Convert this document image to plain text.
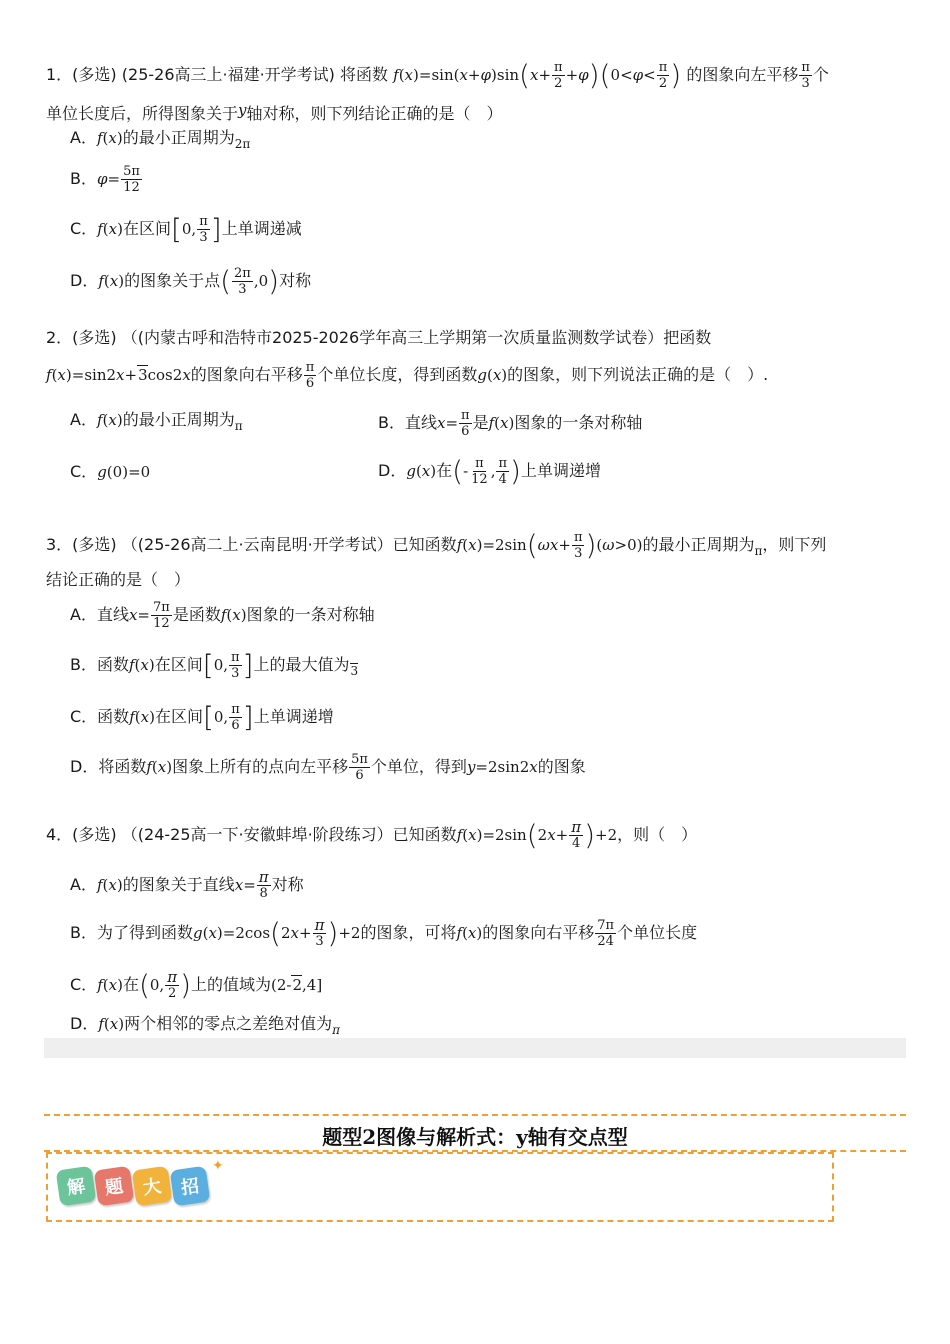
1．(多选) (25-26高三上·福建·开学考试) 将函数 $f(x)=\sin(x+\varphi)\sin(x+ \frac{\pi}{2} +\varphi)(0<\varphi< \frac{\pi}{2}$ ) 的图象向左平移 $\frac{\pi}{3}$ 个
单位长度后，所得图象关于y轴对称，则下列结论正确的是（　）
A．f(x)的最小正周期为$_{2\pi}$
B．$\varphi= \frac{5\pi}{12}$
C．f(x)在区间[0, $\frac{\pi}{3}$ ]上单调递减
D．f(x)的图象关于点( $\frac{2\pi}{3} ,0$)对称
2．(多选) （(内蒙古呼和浩特市2025-2026学年高三上学期第一次质量监测数学试卷）把函数
f(x)=sin2x+3cos2x的图象向右平移 $\frac{\pi}{6}$ 个单位长度，得到函数g(x)的图象，则下列说法正确的是（　）.
A．f(x)的最小正周期为$_\pi$	B．直线$x= \frac{\pi}{6}$ 是f(x)图象的一条对称轴
C．g(0)=0	D．g(x)在(- $\frac{\pi}{12}$ , $\frac{\pi}{4}$ )上单调递增
3．(多选) （(25-26高二上·云南昆明·开学考试）已知函数$f(x)=2\sin(\omega x+ \frac{\pi}{3} )(\omega>0)$的最小正周期为$_\pi$，则下列
结论正确的是（　）
A．直线$x= \frac{7\pi}{12}$ 是函数f(x)图象的一条对称轴
B．函数f(x)在区间[0, $\frac{\pi}{3}$ ]上的最大值为$_3$
C．函数f(x)在区间[0, $\frac{\pi}{6}$ ]上单调递增
D．将函数f(x)图象上所有的点向左平移 $\frac{5\pi}{6}$ 个单位，得到y=2sin2x的图象
4．(多选) （(24-25高一下·安徽蚌埠·阶段练习）已知函数$f(x)=2\sin(2x+ \frac{\pi}{4} )+2$，则（　）
A．f(x)的图象关于直线$x= \frac{\pi}{8}$ 对称
B．为了得到函数$g(x)=2\cos(2x+ \frac{\pi}{3} )+2$的图象，可将f(x)的图象向右平移 $\frac{7\pi}{24}$ 个单位长度
C．f(x)在(0, $\frac{\pi}{2}$ )上的值域为(2-2,4]
D．f(x)两个相邻的零点之差绝对值为$_\pi$
题型2图像与解析式：y轴有交点型
解 题 大 招
✦
